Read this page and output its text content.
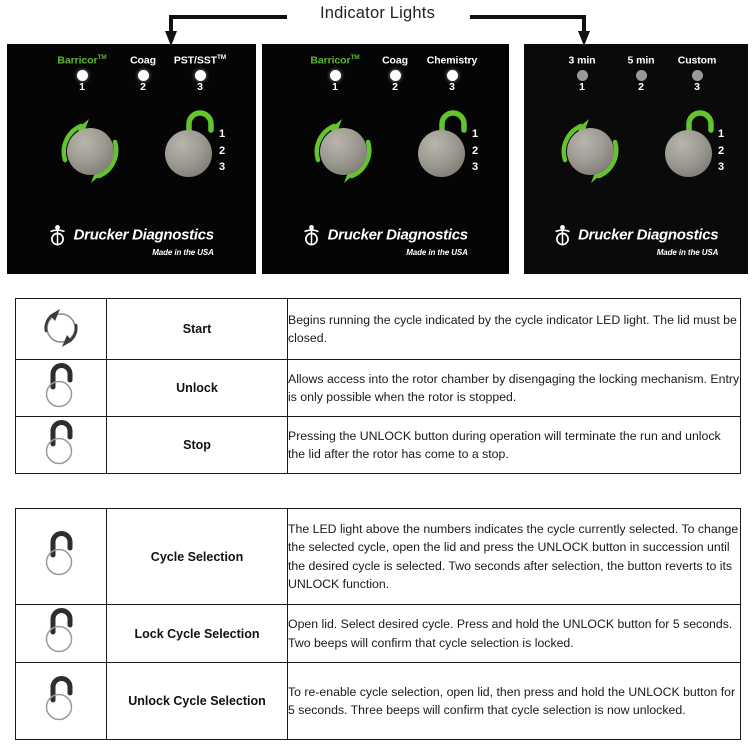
Indicator Lights
Barricor™
1
Coag
2
PST/SST™
3
1
2
3
Drucker Diagnostics
Made in the USA
Barricor™
1
Coag
2
Chemistry
3
1
2
3
Drucker Diagnostics
Made in the USA
3 min
1
5 min
2
Custom
3
1
2
3
Drucker Diagnostics
Made in the USA
	Start	Begins running the cycle indicated by the cycle indicator LED light. The lid must be closed.
	Unlock	Allows access into the rotor chamber by disengaging the locking mechanism. Entry is only possible when the rotor is stopped.
	Stop	Pressing the UNLOCK button during operation will terminate the run and unlock the lid after the rotor has come to a stop.
	Cycle Selection	The LED light above the numbers indicates the cycle currently selected. To change the selected cycle, open the lid and press the UNLOCK button in succession until the desired cycle is selected. Two seconds after selection, the button reverts to its UNLOCK function.
	Lock Cycle Selection	Open lid. Select desired cycle. Press and hold the UNLOCK button for 5 seconds. Two beeps will confirm that cycle selection is locked.
	Unlock Cycle Selection	To re-enable cycle selection, open lid, then press and hold the UNLOCK button for 5 seconds. Three beeps will confirm that cycle selection is now unlocked.
